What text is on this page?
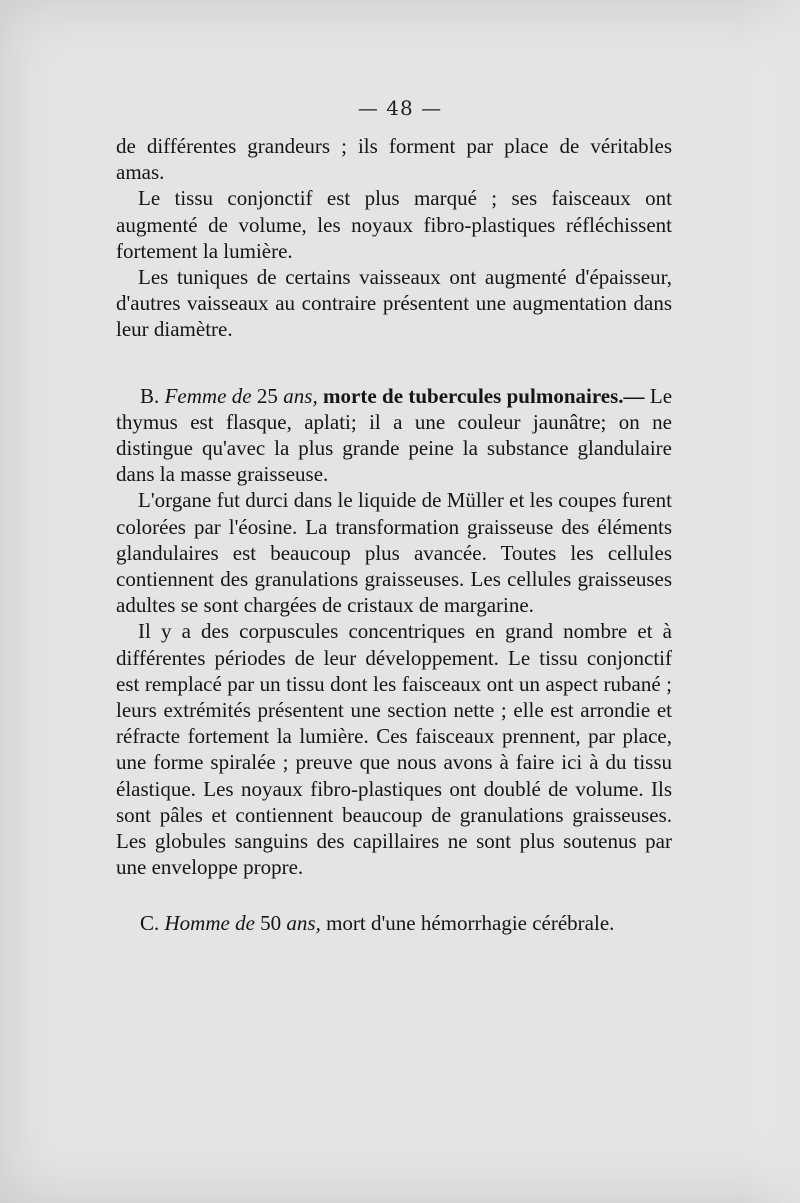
— 48 —

de différentes grandeurs ; ils forment par place de véritables amas.

Le tissu conjonctif est plus marqué ; ses faisceaux ont augmenté de volume, les noyaux fibro-plastiques réfléchissent fortement la lumière.

Les tuniques de certains vaisseaux ont augmenté d'épaisseur, d'autres vaisseaux au contraire présentent une augmentation dans leur diamètre.

B. Femme de 25 ans, morte de tubercules pulmonaires.— Le thymus est flasque, aplati; il a une couleur jaunâtre; on ne distingue qu'avec la plus grande peine la substance glandulaire dans la masse graisseuse.

L'organe fut durci dans le liquide de Müller et les coupes furent colorées par l'éosine. La transformation graisseuse des éléments glandulaires est beaucoup plus avancée. Toutes les cellules contiennent des granulations graisseuses. Les cellules graisseuses adultes se sont chargées de cristaux de margarine.

Il y a des corpuscules concentriques en grand nombre et à différentes périodes de leur développement. Le tissu conjonctif est remplacé par un tissu dont les faisceaux ont un aspect rubané ; leurs extrémités présentent une section nette ; elle est arrondie et réfracte fortement la lumière. Ces faisceaux prennent, par place, une forme spiralée ; preuve que nous avons à faire ici à du tissu élastique. Les noyaux fibro-plastiques ont doublé de volume. Ils sont pâles et contiennent beaucoup de granulations graisseuses. Les globules sanguins des capillaires ne sont plus soutenus par une enveloppe propre.

C. Homme de 50 ans, mort d'une hémorrhagie cérébrale.
